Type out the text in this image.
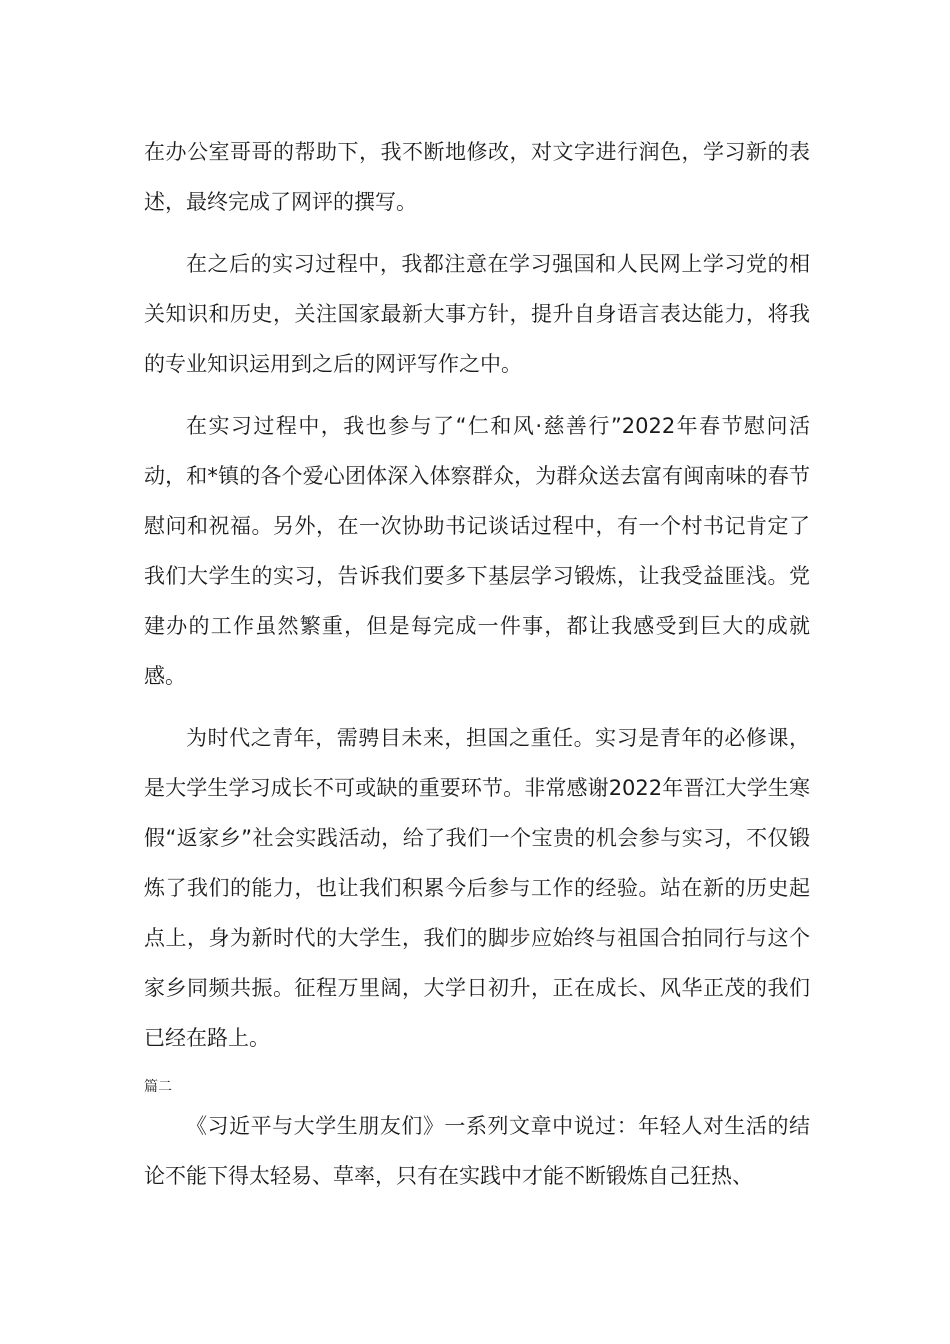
在办公室哥哥的帮助下，我不断地修改，对文字进行润色，学习新的表述，最终完成了网评的撰写。

在之后的实习过程中，我都注意在学习强国和人民网上学习党的相关知识和历史，关注国家最新大事方针，提升自身语言表达能力，将我的专业知识运用到之后的网评写作之中。

在实习过程中，我也参与了“仁和风·慈善行”2022年春节慰问活动，和*镇的各个爱心团体深入体察群众，为群众送去富有闽南味的春节慰问和祝福。另外，在一次协助书记谈话过程中，有一个村书记肯定了我们大学生的实习，告诉我们要多下基层学习锻炼，让我受益匪浅。党建办的工作虽然繁重，但是每完成一件事，都让我感受到巨大的成就感。

为时代之青年，需骋目未来，担国之重任。实习是青年的必修课，是大学生学习成长不可或缺的重要环节。非常感谢2022年晋江大学生寒假“返家乡”社会实践活动，给了我们一个宝贵的机会参与实习，不仅锻炼了我们的能力，也让我们积累今后参与工作的经验。站在新的历史起点上，身为新时代的大学生，我们的脚步应始终与祖国合拍同行与这个家乡同频共振。征程万里阔，大学日初升，正在成长、风华正茂的我们已经在路上。

篇二

《习近平与大学生朋友们》一系列文章中说过：年轻人对生活的结论不能下得太轻易、草率，只有在实践中才能不断锻炼自己狂热、
